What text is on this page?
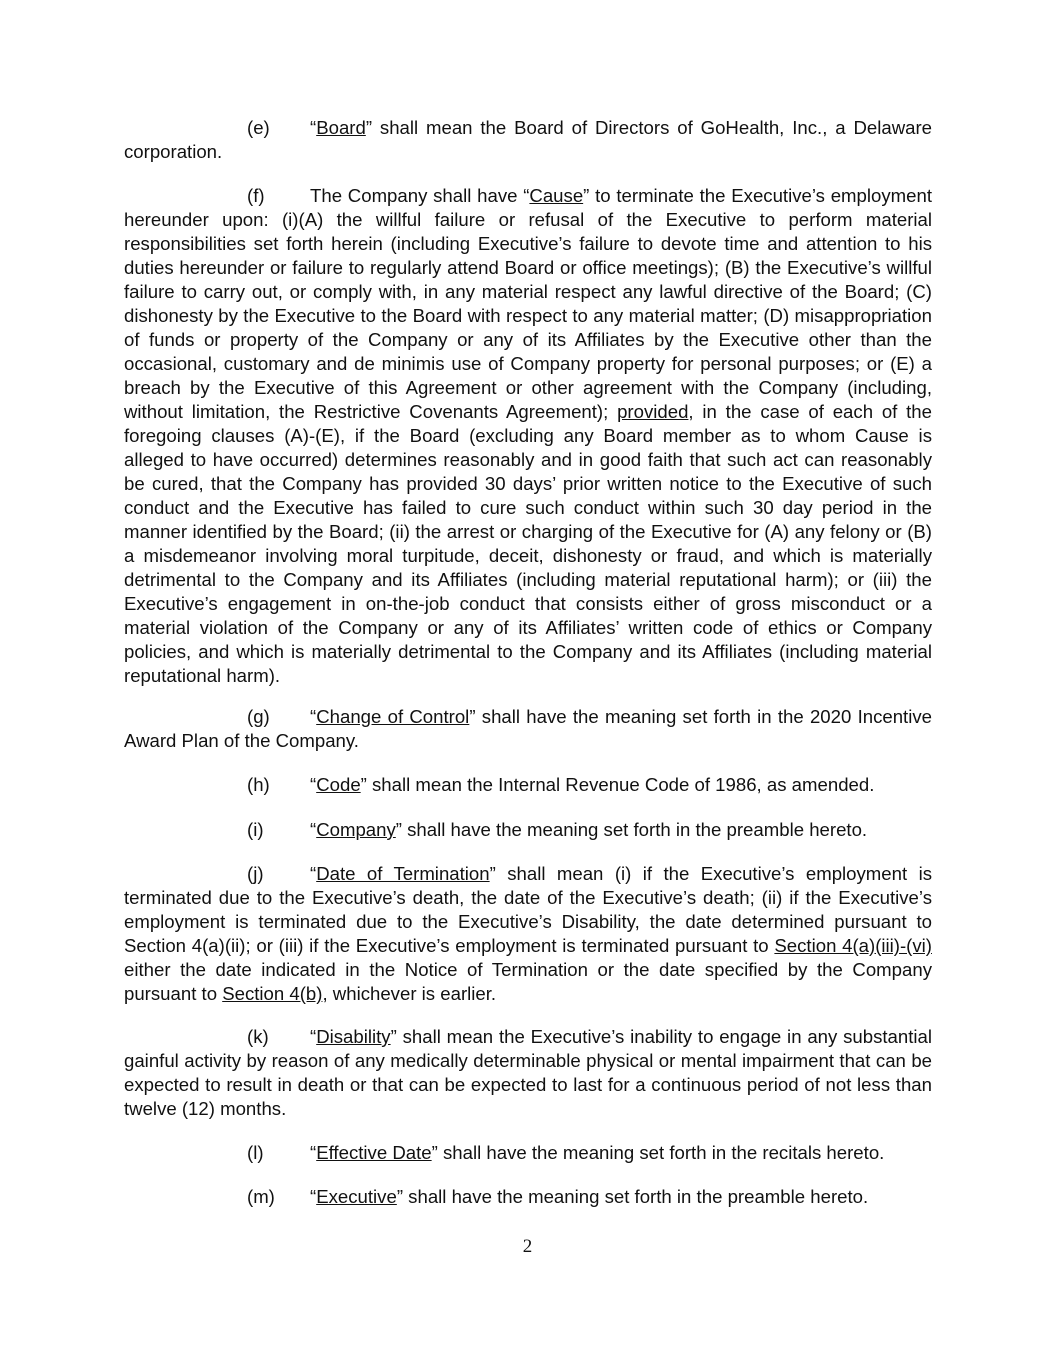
(e) “Board” shall mean the Board of Directors of GoHealth, Inc., a Delaware corporation.

(f) The Company shall have “Cause” to terminate the Executive’s employment hereunder upon: (i)(A) the willful failure or refusal of the Executive to perform material responsibilities set forth herein (including Executive’s failure to devote time and attention to his duties hereunder or failure to regularly attend Board or office meetings); (B) the Executive’s willful failure to carry out, or comply with, in any material respect any lawful directive of the Board; (C) dishonesty by the Executive to the Board with respect to any material matter; (D) misappropriation of funds or property of the Company or any of its Affiliates by the Executive other than the occasional, customary and de minimis use of Company property for personal purposes; or (E) a breach by the Executive of this Agreement or other agreement with the Company (including, without limitation, the Restrictive Covenants Agreement); provided, in the case of each of the foregoing clauses (A)-(E), if the Board (excluding any Board member as to whom Cause is alleged to have occurred) determines reasonably and in good faith that such act can reasonably be cured, that the Company has provided 30 days’ prior written notice to the Executive of such conduct and the Executive has failed to cure such conduct within such 30 day period in the manner identified by the Board; (ii) the arrest or charging of the Executive for (A) any felony or (B) a misdemeanor involving moral turpitude, deceit, dishonesty or fraud, and which is materially detrimental to the Company and its Affiliates (including material reputational harm); or (iii) the Executive’s engagement in on-the-job conduct that consists either of gross misconduct or a material violation of the Company or any of its Affiliates’ written code of ethics or Company policies, and which is materially detrimental to the Company and its Affiliates (including material reputational harm).

(g) “Change of Control” shall have the meaning set forth in the 2020 Incentive Award Plan of the Company.

(h) “Code” shall mean the Internal Revenue Code of 1986, as amended.

(i) “Company” shall have the meaning set forth in the preamble hereto.

(j) “Date of Termination” shall mean (i) if the Executive’s employment is terminated due to the Executive’s death, the date of the Executive’s death; (ii) if the Executive’s employment is terminated due to the Executive’s Disability, the date determined pursuant to Section 4(a)(ii); or (iii) if the Executive’s employment is terminated pursuant to Section 4(a)(iii)-(vi) either the date indicated in the Notice of Termination or the date specified by the Company pursuant to Section 4(b), whichever is earlier.

(k) “Disability” shall mean the Executive’s inability to engage in any substantial gainful activity by reason of any medically determinable physical or mental impairment that can be expected to result in death or that can be expected to last for a continuous period of not less than twelve (12) months.

(l) “Effective Date” shall have the meaning set forth in the recitals hereto.

(m) “Executive” shall have the meaning set forth in the preamble hereto.

2
